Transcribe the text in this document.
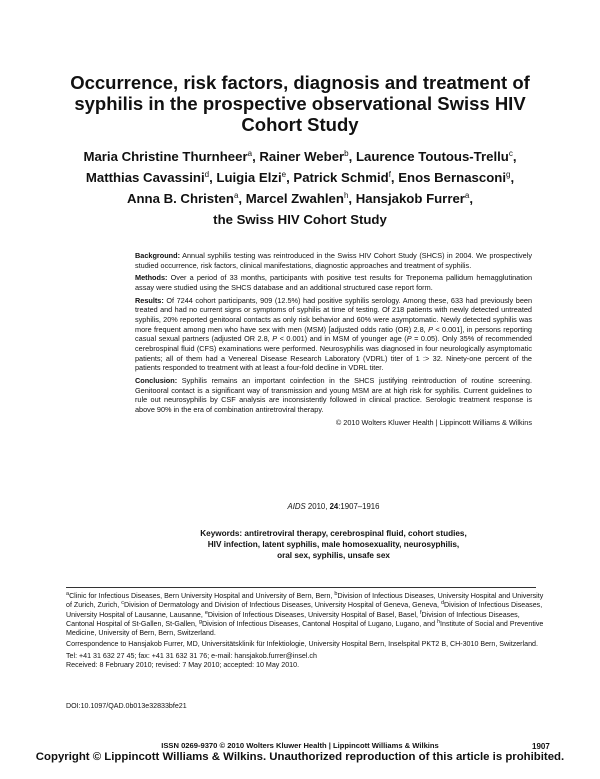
Occurrence, risk factors, diagnosis and treatment of
syphilis in the prospective observational Swiss HIV
Cohort Study
Maria Christine Thurnheer$^a$, Rainer Weber$^b$, Laurence Toutous-Trellu$^c$,
Matthias Cavassini$^d$, Luigia Elzi$^e$, Patrick Schmid$^f$, Enos Bernasconi$^g$,
Anna B. Christen$^a$, Marcel Zwahlen$^h$, Hansjakob Furrer$^a$,
the Swiss HIV Cohort Study

Background: Annual syphilis testing was reintroduced in the Swiss HIV Cohort Study (SHCS) in 2004. We prospectively studied occurrence, risk factors, clinical manifestations, diagnostic approaches and treatment of syphilis.

Methods: Over a period of 33 months, participants with positive test results for Treponema pallidum hemagglutination assay were studied using the SHCS database and an additional structured case report form.

Results: Of 7244 cohort participants, 909 (12.5%) had positive syphilis serology. Among these, 633 had previously been treated and had no current signs or symptoms of syphilis at time of testing. Of 218 patients with newly detected untreated syphilis, 20% reported genitooral contacts as only risk behavior and 60% were asymptomatic. Newly detected syphilis was more frequent among men who have sex with men (MSM) [adjusted odds ratio (OR) 2.8, P < 0.001], in persons reporting casual sexual partners (adjusted OR 2.8, P < 0.001) and in MSM of younger age (P = 0.05). Only 35% of recommended cerebrospinal fluid (CFS) examinations were performed. Neurosyphilis was diagnosed in four neurologically asymptomatic patients; all of them had a Venereal Disease Research Laboratory (VDRL) titer of 1 :> 32. Ninety-one percent of the patients responded to treatment with at least a four-fold decline in VDRL titer.

Conclusion: Syphilis remains an important coinfection in the SHCS justifying reintroduction of routine screening. Genitooral contact is a significant way of transmission and young MSM are at high risk for syphilis. Current guidelines to rule out neurosyphilis by CSF analysis are inconsistently followed in clinical practice. Serologic treatment response is above 90% in the era of combination antiretroviral therapy.

© 2010 Wolters Kluwer Health | Lippincott Williams & Wilkins

AIDS 2010, 24:1907–1916
Keywords: antiretroviral therapy, cerebrospinal fluid, cohort studies,
HIV infection, latent syphilis, male homosexuality, neurosyphilis,
oral sex, syphilis, unsafe sex

$^a$Clinic for Infectious Diseases, Bern University Hospital and University of Bern, Bern, $^b$Division of Infectious Diseases, University Hospital and University of Zurich, Zurich, $^c$Division of Dermatology and Division of Infectious Diseases, University Hospital of Geneva, Geneva, $^d$Division of Infectious Diseases, University Hospital of Lausanne, Lausanne, $^e$Division of Infectious Diseases, University Hospital of Basel, Basel, $^f$Division of Infectious Diseases, Cantonal Hospital of St-Gallen, St-Gallen, $^g$Division of Infectious Diseases, Cantonal Hospital of Lugano, Lugano, and $^h$Institute of Social and Preventive Medicine, University of Bern, Bern, Switzerland.

Correspondence to Hansjakob Furrer, MD, Universitätsklinik für Infektiologie, University Hospital Bern, Inselspital PKT2 B, CH-3010 Bern, Switzerland.

Tel: +41 31 632 27 45; fax: +41 31 632 31 76; e-mail: hansjakob.furrer@insel.ch
Received: 8 February 2010; revised: 7 May 2010; accepted: 10 May 2010.
DOI:10.1097/QAD.0b013e32833bfe21
ISSN 0269-9370 © 2010 Wolters Kluwer Health | Lippincott Williams & Wilkins	1907
Copyright © Lippincott Williams & Wilkins. Unauthorized reproduction of this article is prohibited.
